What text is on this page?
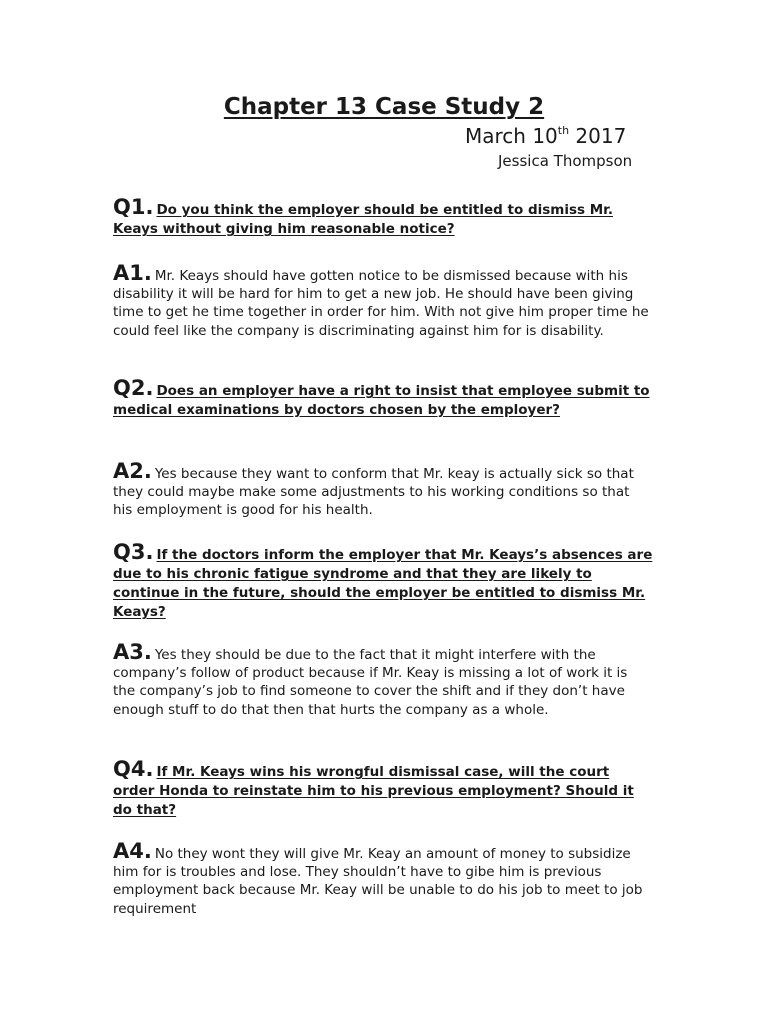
Chapter 13 Case Study 2
March 10th 2017
Jessica Thompson

Q1. Do you think the employer should be entitled to dismiss Mr. Keays without giving him reasonable notice?

A1. Mr. Keays should have gotten notice to be dismissed because with his disability it will be hard for him to get a new job. He should have been giving time to get he time together in order for him. With not give him proper time he could feel like the company is discriminating against him for is disability.

Q2. Does an employer have a right to insist that employee submit to medical examinations by doctors chosen by the employer?

A2. Yes because they want to conform that Mr. keay is actually sick so that they could maybe make some adjustments to his working conditions so that his employment is good for his health.

Q3. If the doctors inform the employer that Mr. Keays’s absences are due to his chronic fatigue syndrome and that they are likely to continue in the future, should the employer be entitled to dismiss Mr. Keays?

A3. Yes they should be due to the fact that it might interfere with the company’s follow of product because if Mr. Keay is missing a lot of work it is the company’s job to find someone to cover the shift and if they don’t have enough stuff to do that then that hurts the company as a whole.

Q4. If Mr. Keays wins his wrongful dismissal case, will the court order Honda to reinstate him to his previous employment? Should it do that?

A4. No they wont they will give Mr. Keay an amount of money to subsidize him for is troubles and lose. They shouldn’t have to gibe him is previous employment back because Mr. Keay will be unable to do his job to meet to job requirement
